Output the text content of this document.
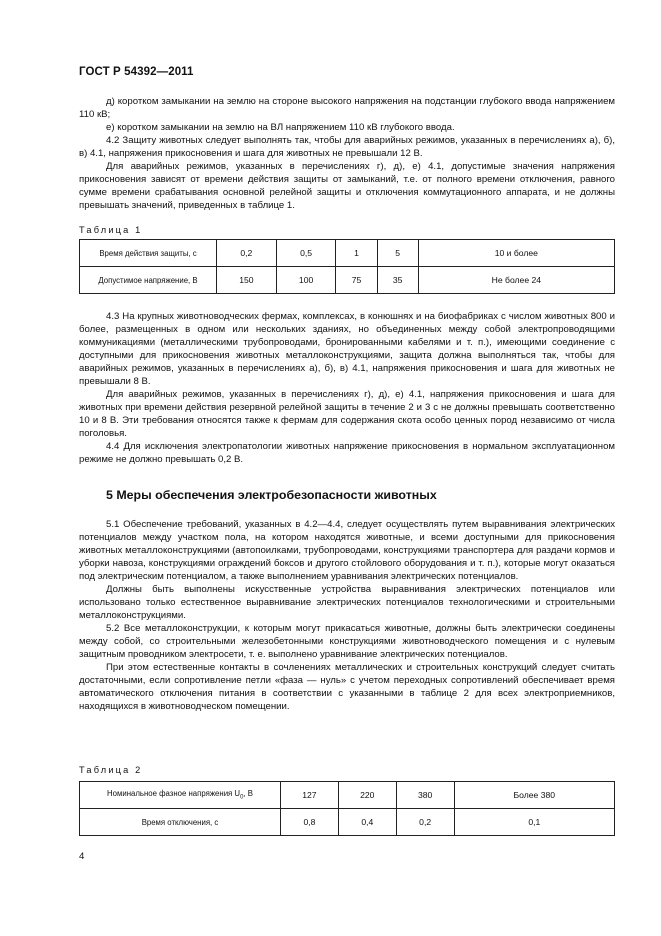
ГОСТ Р 54392—2011

д) коротком замыкании на землю на стороне высокого напряжения на подстанции глубокого ввода напряжением 110 кВ;

е) коротком замыкании на землю на ВЛ напряжением 110 кВ глубокого ввода.

4.2 Защиту животных следует выполнять так, чтобы для аварийных режимов, указанных в перечислениях а), б), в) 4.1, напряжения прикосновения и шага для животных не превышали 12 В.

Для аварийных режимов, указанных в перечислениях г), д), е) 4.1, допустимые значения напряжения прикосновения зависят от времени действия защиты от замыканий, т.е. от полного времени отключения, равного сумме времени срабатывания основной релейной защиты и отключения коммутационного аппарата, и не должны превышать значений, приведенных в таблице 1.

Таблица 1
Время действия защиты, с	0,2	0,5	1	5	10 и более
Допустимое напряжение, В	150	100	75	35	Не более 24

4.3 На крупных животноводческих фермах, комплексах, в конюшнях и на биофабриках с числом животных 800 и более, размещенных в одном или нескольких зданиях, но объединенных между собой электропроводящими коммуникациями (металлическими трубопроводами, бронированными кабелями и т. п.), имеющими соединение с доступными для прикосновения животных металлоконструкциями, защита должна выполняться так, чтобы для аварийных режимов, указанных в перечислениях а), б), в) 4.1, напряжения прикосновения и шага для животных не превышали 8 В.

Для аварийных режимов, указанных в перечислениях г), д), е) 4.1, напряжения прикосновения и шага для животных при времени действия резервной релейной защиты в течение 2 и 3 с не должны превышать соответственно 10 и 8 В. Эти требования относятся также к фермам для содержания скота особо ценных пород независимо от числа поголовья.

4.4 Для исключения электропатологии животных напряжение прикосновения в нормальном эксплуатационном режиме не должно превышать 0,2 В.

5 Меры обеспечения электробезопасности животных

5.1 Обеспечение требований, указанных в 4.2—4.4, следует осуществлять путем выравнивания электрических потенциалов между участком пола, на котором находятся животные, и всеми доступными для прикосновения животных металлоконструкциями (автопоилками, трубопроводами, конструкциями транспортера для раздачи кормов и уборки навоза, конструкциями ограждений боксов и другого стойлового оборудования и т. п.), которые могут оказаться под электрическим потенциалом, а также выполнением уравнивания электрических потенциалов.

Должны быть выполнены искусственные устройства выравнивания электрических потенциалов или использовано только естественное выравнивание электрических потенциалов технологическими и строительными металлоконструкциями.

5.2 Все металлоконструкции, к которым могут прикасаться животные, должны быть электрически соединены между собой, со строительными железобетонными конструкциями животноводческого помещения и с нулевым защитным проводником электросети, т. е. выполнено уравнивание электрических потенциалов.

При этом естественные контакты в сочленениях металлических и строительных конструкций следует считать достаточными, если сопротивление петли «фаза — нуль» с учетом переходных сопротивлений обеспечивает время автоматического отключения питания в соответствии с указанными в таблице 2 для всех электроприемников, находящихся в животноводческом помещении.

Таблица 2
Номинальное фазное напряжения $U_0$, В	127	220	380	Более 380
Время отключения, с	0,8	0,4	0,2	0,1
4
